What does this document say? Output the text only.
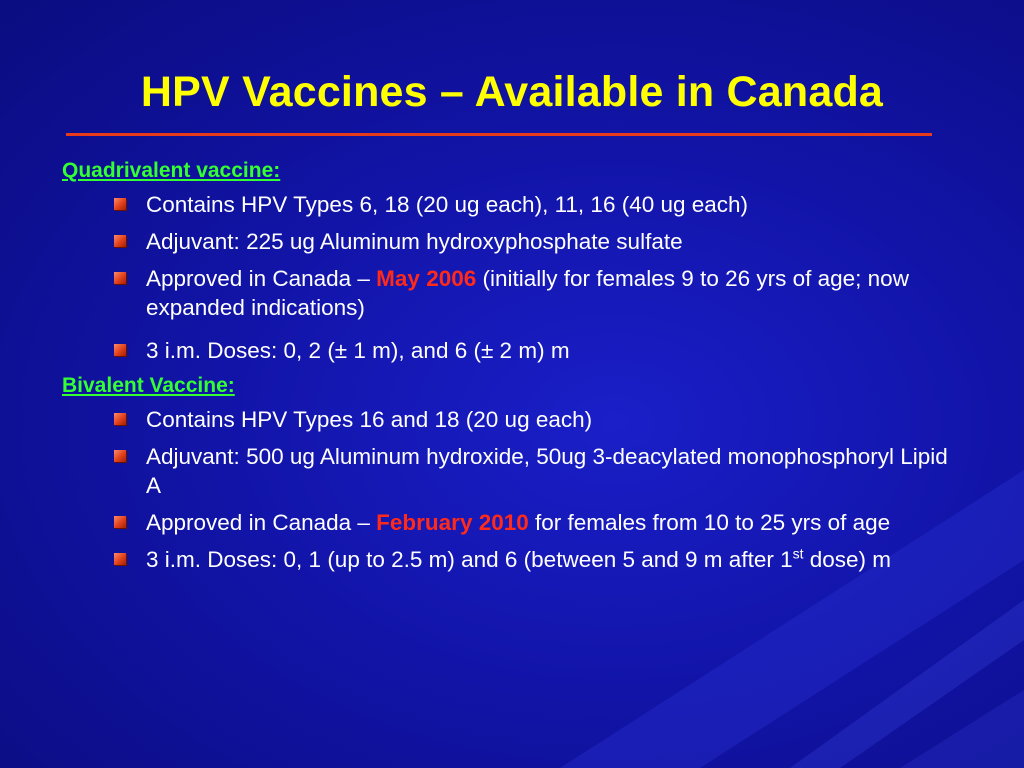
HPV Vaccines – Available in Canada
Quadrivalent vaccine:
Contains HPV Types 6, 18 (20 ug each), 11, 16 (40 ug each)
Adjuvant: 225 ug Aluminum hydroxyphosphate sulfate
Approved in Canada – May 2006 (initially for females 9 to 26 yrs of age; now expanded indications)
3 i.m. Doses: 0, 2 (± 1 m), and 6 (± 2 m) m
Bivalent Vaccine:
Contains HPV Types 16 and 18 (20 ug each)
Adjuvant: 500 ug Aluminum hydroxide, 50ug 3-deacylated monophosphoryl Lipid A
Approved in Canada – February 2010 for females from 10 to 25 yrs of age
3 i.m. Doses: 0, 1 (up to 2.5 m) and 6 (between 5 and 9 m after 1st dose) m
